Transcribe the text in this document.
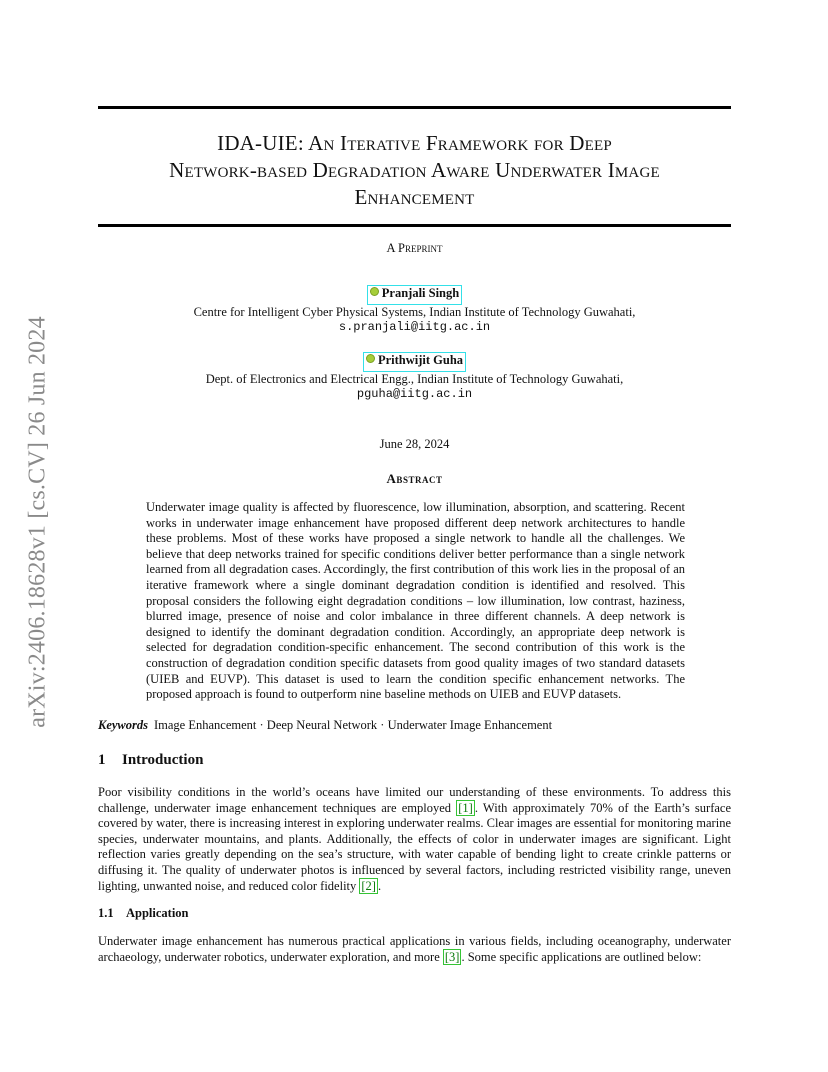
arXiv:2406.18628v1 [cs.CV] 26 Jun 2024
IDA-UIE: An Iterative Framework for Deep
Network-based Degradation Aware Underwater Image
Enhancement
A Preprint
Pranjali Singh
Centre for Intelligent Cyber Physical Systems, Indian Institute of Technology Guwahati,
s.pranjali@iitg.ac.in
Prithwijit Guha
Dept. of Electronics and Electrical Engg., Indian Institute of Technology Guwahati,
pguha@iitg.ac.in
June 28, 2024
Abstract
Underwater image quality is affected by fluorescence, low illumination, absorption, and scattering. Recent works in underwater image enhancement have proposed different deep network architectures to handle these problems. Most of these works have proposed a single network to handle all the challenges. We believe that deep networks trained for specific conditions deliver better performance than a single network learned from all degradation cases. Accordingly, the first contribution of this work lies in the proposal of an iterative framework where a single dominant degradation condition is identified and resolved. This proposal considers the following eight degradation conditions – low illumination, low contrast, haziness, blurred image, presence of noise and color imbalance in three different channels. A deep network is designed to identify the dominant degradation condition. Accordingly, an appropriate deep network is selected for degradation condition-specific enhancement. The second contribution of this work is the construction of degradation condition specific datasets from good quality images of two standard datasets (UIEB and EUVP). This dataset is used to learn the condition specific enhancement networks. The proposed approach is found to outperform nine baseline methods on UIEB and EUVP datasets.
Keywords Image Enhancement · Deep Neural Network · Underwater Image Enhancement
1 Introduction
Poor visibility conditions in the world’s oceans have limited our understanding of these environments. To address this challenge, underwater image enhancement techniques are employed [1] . With approximately 70% of the Earth’s surface covered by water, there is increasing interest in exploring underwater realms. Clear images are essential for monitoring marine species, underwater mountains, and plants. Additionally, the effects of color in underwater images are significant. Light reflection varies greatly depending on the sea’s structure, with water capable of bending light to create crinkle patterns or diffusing it. The quality of underwater photos is influenced by several factors, including restricted visibility range, uneven lighting, unwanted noise, and reduced color fidelity [2] .
1.1 Application
Underwater image enhancement has numerous practical applications in various fields, including oceanography, underwater archaeology, underwater robotics, underwater exploration, and more [3] . Some specific applications are outlined below:
